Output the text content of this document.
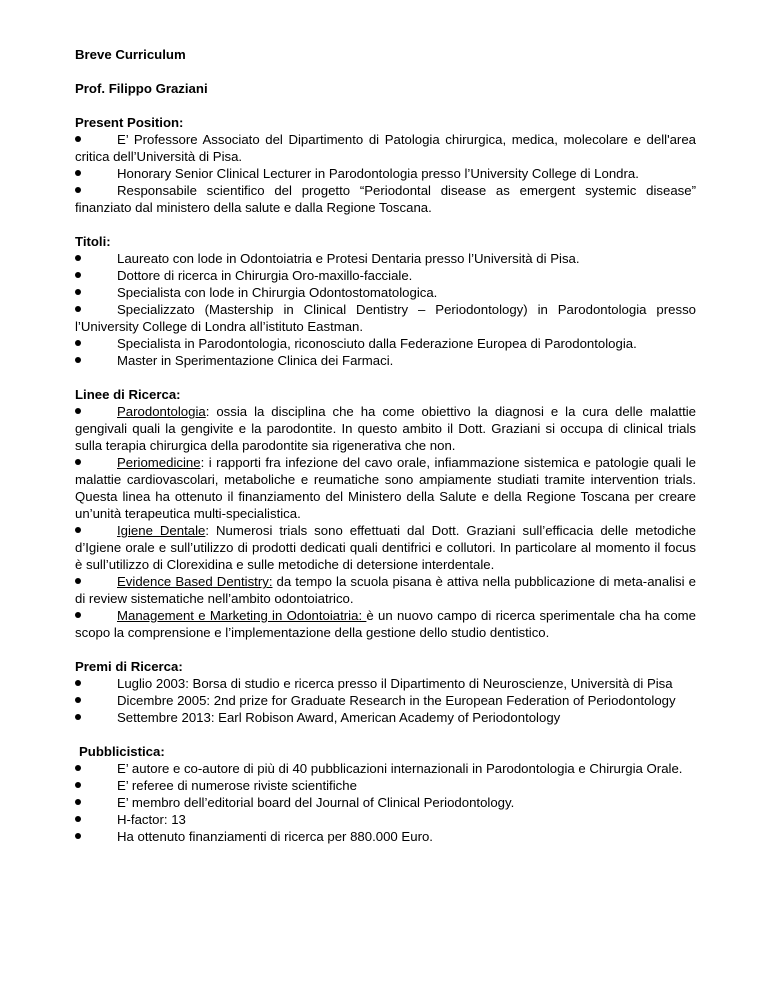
Breve Curriculum

Prof. Filippo Graziani

Present Position:

E’ Professore Associato del Dipartimento di Patologia chirurgica, medica, molecolare e dell'area critica dell’Università di Pisa.

Honorary Senior Clinical Lecturer in Parodontologia presso l’University College di Londra.

Responsabile scientifico del progetto “Periodontal disease as emergent systemic disease” finanziato dal ministero della salute e dalla Regione Toscana.

Titoli:

Laureato con lode in Odontoiatria e Protesi Dentaria presso l’Università di Pisa.

Dottore di ricerca in Chirurgia Oro-maxillo-facciale.

Specialista con lode in Chirurgia Odontostomatologica.

Specializzato (Mastership in Clinical Dentistry – Periodontology) in Parodontologia presso l’University College di Londra all’istituto Eastman.

Specialista in Parodontologia, riconosciuto dalla Federazione Europea di Parodontologia.

Master in Sperimentazione Clinica dei Farmaci.

Linee di Ricerca:

Parodontologia: ossia la disciplina che ha come obiettivo la diagnosi e la cura delle malattie gengivali quali la gengivite e la parodontite. In questo ambito il Dott. Graziani si occupa di clinical trials sulla terapia chirurgica della parodontite sia rigenerativa che non.

Periomedicine: i rapporti fra infezione del cavo orale, infiammazione sistemica e patologie quali le malattie cardiovascolari, metaboliche e reumatiche sono ampiamente studiati tramite intervention trials. Questa linea ha ottenuto il finanziamento del Ministero della Salute e della Regione Toscana per creare un’unità terapeutica multi-specialistica.

Igiene Dentale: Numerosi trials sono effettuati dal Dott. Graziani sull’efficacia delle metodiche d’Igiene orale e sull’utilizzo di prodotti dedicati quali dentifrici e collutori. In particolare al momento il focus è sull’utilizzo di Clorexidina e sulle metodiche di detersione interdentale.

Evidence Based Dentistry: da tempo la scuola pisana è attiva nella pubblicazione di meta-analisi e di review sistematiche nell’ambito odontoiatrico.

Management e Marketing in Odontoiatria: è un nuovo campo di ricerca sperimentale cha ha come scopo la comprensione e l’implementazione della gestione dello studio dentistico.

Premi di Ricerca:

Luglio 2003: Borsa di studio e ricerca presso il Dipartimento di Neuroscienze, Università di Pisa

Dicembre 2005: 2nd prize for Graduate Research in the European Federation of Periodontology

Settembre 2013: Earl Robison Award, American Academy of Periodontology

Pubblicistica:

E’ autore e co-autore di più di 40 pubblicazioni internazionali in Parodontologia e Chirurgia Orale.

E’ referee di numerose riviste scientifiche

E’ membro dell’editorial board del Journal of Clinical Periodontology.

H-factor: 13

Ha ottenuto finanziamenti di ricerca per 880.000 Euro.
